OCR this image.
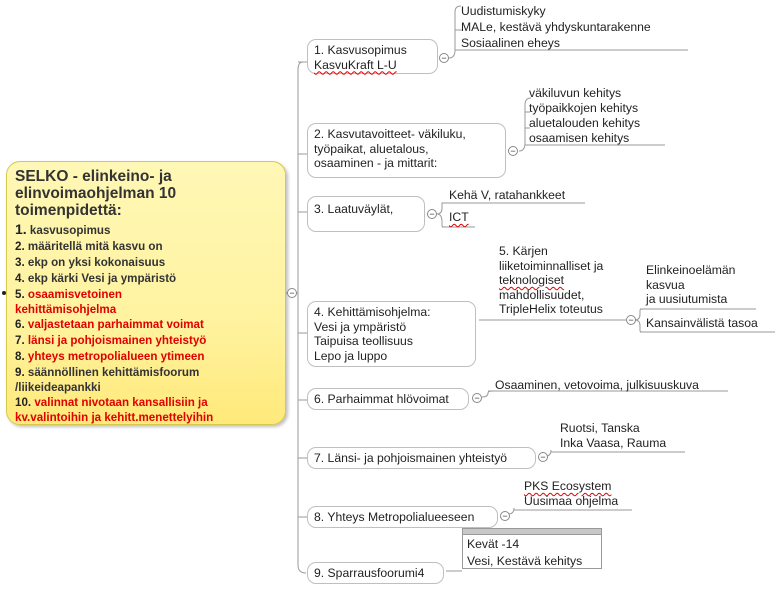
SELKO - elinkeino- ja elinvoimaohjelman 10 toimenpidettä:
1. kasvusopimus
2. määritellä mitä kasvu on
3. ekp on yksi kokonaisuus
4. ekp kärki Vesi ja ympäristö
5. osaamisvetoinen kehittämisohjelma
6. valjastetaan parhaimmat voimat
7. länsi ja pohjoismainen yhteistyö
8. yhteys metropolialueen ytimeen
9. säännöllinen kehittämisfoorum /liikeideapankki
10. valinnat nivotaan kansallisiin ja kv.valintoihin ja kehitt.menettelyihin
−
1. Kasvusopimus
KasvuKraft L-U	−
Uudistumiskyky
MALe, kestävä yhdyskuntarakenne
Sosiaalinen eheys
2. Kasvutavoitteet- väkiluku,
työpaikat, aluetalous,
osaaminen - ja mittarit:
−
väkiluvun kehitys
työpaikkojen kehitys
aluetalouden kehitys
osaamisen kehitys
3. Laatuväylät,	−
Kehä V, ratahankkeet
ICT
4. Kehittämisohjelma:
Vesi ja ympäristö
Taipuisa teollisuus
Lepo ja luppo
5. Kärjen
liiketoiminnalliset ja
teknologiset
mahdollisuudet,
TripleHelix toteutus
−
Elinkeinoelämän
kasvua
ja uusiutumista
Kansainvälistä tasoa
6. Parhaimmat hlövoimat	−
Osaaminen, vetovoima, julkisuuskuva
7. Länsi- ja pohjoismainen yhteistyö	−
Ruotsi, Tanska
Inka Vaasa, Rauma
8. Yhteys Metropolialueeseen	−
PKS Ecosystem
Uusimaa ohjelma
9. Sparrausfoorumi4
Kevät -14
Vesi, Kestävä kehitys
